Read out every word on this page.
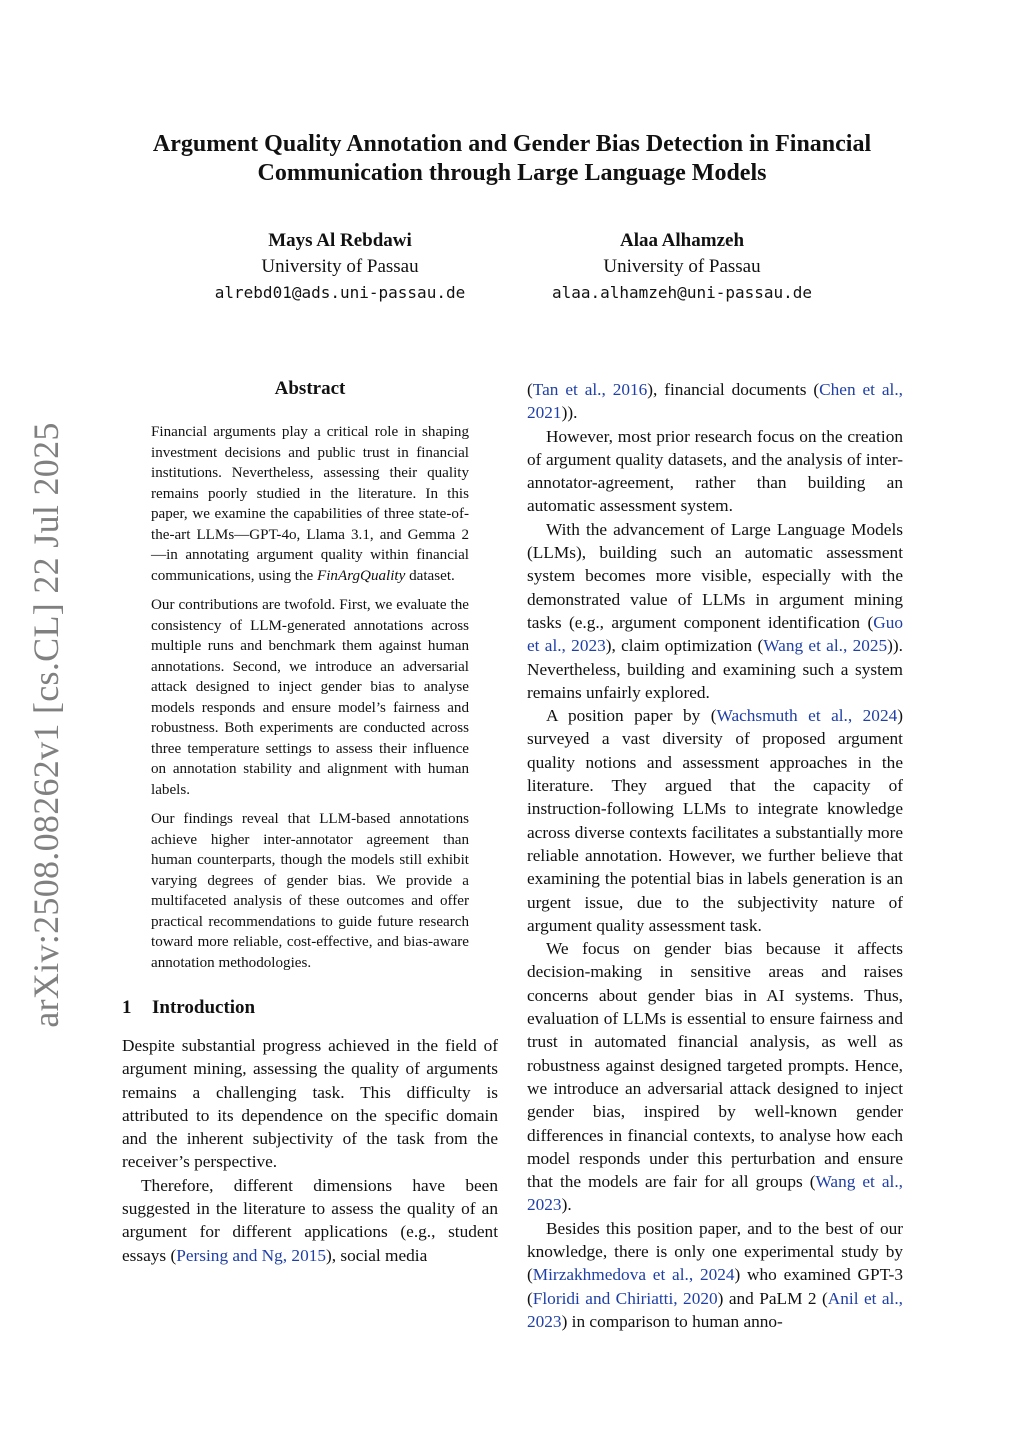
arXiv:2508.08262v1 [cs.CL] 22 Jul 2025
Argument Quality Annotation and Gender Bias Detection in Financial
Communication through Large Language Models
Mays Al Rebdawi
University of Passau
alrebd01@ads.uni-passau.de
Alaa Alhamzeh
University of Passau
alaa.alhamzeh@uni-passau.de
Abstract

Financial arguments play a critical role in shaping investment decisions and public trust in financial institutions. Nevertheless, assessing their quality remains poorly studied in the literature. In this paper, we examine the capabilities of three state-of-the-art LLMs—GPT-4o, Llama 3.1, and Gemma 2—in annotating argument quality within financial communications, using the FinArgQuality dataset.

Our contributions are twofold. First, we evaluate the consistency of LLM-generated annotations across multiple runs and benchmark them against human annotations. Second, we introduce an adversarial attack designed to inject gender bias to analyse models responds and ensure model’s fairness and robustness. Both experiments are conducted across three temperature settings to assess their influence on annotation stability and alignment with human labels.

Our findings reveal that LLM-based annotations achieve higher inter-annotator agreement than human counterparts, though the models still exhibit varying degrees of gender bias. We provide a multifaceted analysis of these outcomes and offer practical recommendations to guide future research toward more reliable, cost-effective, and bias-aware annotation methodologies.

1 Introduction

Despite substantial progress achieved in the field of argument mining, assessing the quality of arguments remains a challenging task. This difficulty is attributed to its dependence on the specific domain and the inherent subjectivity of the task from the receiver’s perspective.

Therefore, different dimensions have been suggested in the literature to assess the quality of an argument for different applications (e.g., student essays (Persing and Ng, 2015), social media

(Tan et al., 2016), financial documents (Chen et al., 2021)).

However, most prior research focus on the creation of argument quality datasets, and the analysis of inter-annotator-agreement, rather than building an automatic assessment system.

With the advancement of Large Language Models (LLMs), building such an automatic assessment system becomes more visible, especially with the demonstrated value of LLMs in argument mining tasks (e.g., argument component identification (Guo et al., 2023), claim optimization (Wang et al., 2025)). Nevertheless, building and examining such a system remains unfairly explored.

A position paper by (Wachsmuth et al., 2024) surveyed a vast diversity of proposed argument quality notions and assessment approaches in the literature. They argued that the capacity of instruction-following LLMs to integrate knowledge across diverse contexts facilitates a substantially more reliable annotation. However, we further believe that examining the potential bias in labels generation is an urgent issue, due to the subjectivity nature of argument quality assessment task.

We focus on gender bias because it affects decision-making in sensitive areas and raises concerns about gender bias in AI systems. Thus, evaluation of LLMs is essential to ensure fairness and trust in automated financial analysis, as well as robustness against designed targeted prompts. Hence, we introduce an adversarial attack designed to inject gender bias, inspired by well-known gender differences in financial contexts, to analyse how each model responds under this perturbation and ensure that the models are fair for all groups (Wang et al., 2023).

Besides this position paper, and to the best of our knowledge, there is only one experimental study by (Mirzakhmedova et al., 2024) who examined GPT-3 (Floridi and Chiriatti, 2020) and PaLM 2 (Anil et al., 2023) in comparison to human anno-
